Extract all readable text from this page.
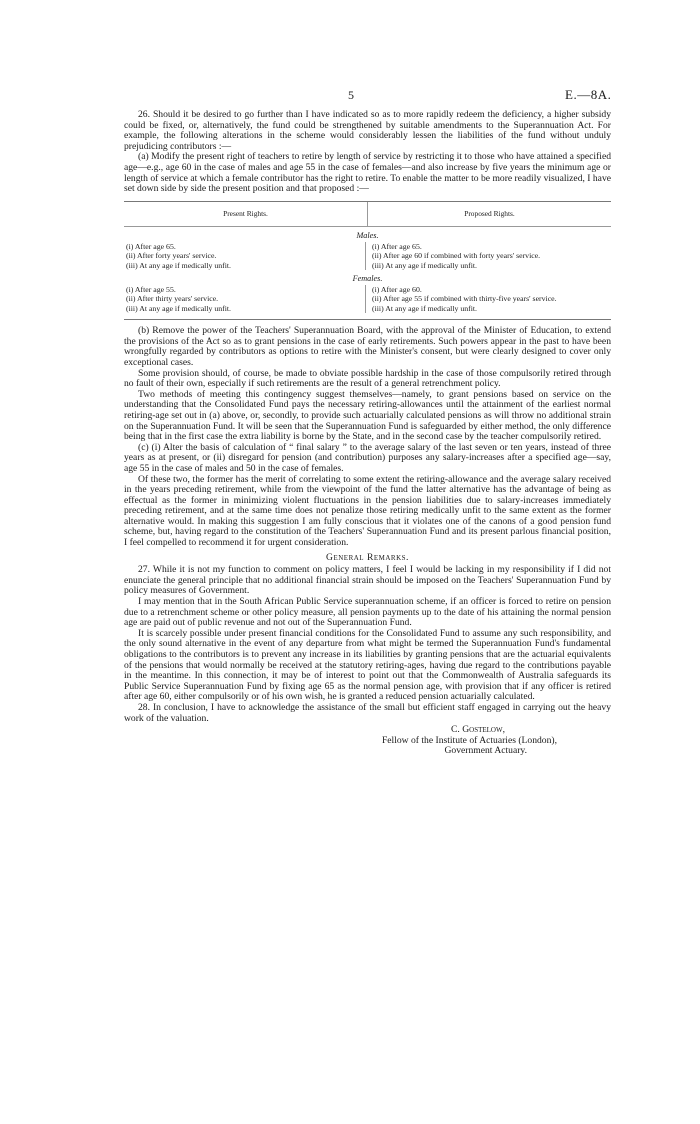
5	E.—8A.

26. Should it be desired to go further than I have indicated so as to more rapidly redeem the deficiency, a higher subsidy could be fixed, or, alternatively, the fund could be strengthened by suitable amendments to the Superannuation Act. For example, the following alterations in the scheme would considerably lessen the liabilities of the fund without unduly prejudicing contributors :—

(a) Modify the present right of teachers to retire by length of service by restricting it to those who have attained a specified age—e.g., age 60 in the case of males and age 55 in the case of females—and also increase by five years the minimum age or length of service at which a female contributor has the right to retire. To enable the matter to be more readily visualized, I have set down side by side the present position and that proposed :—

Present Rights.	Proposed Rights.
Males.
(i) After age 65.
(ii) After forty years' service.
(iii) At any age if medically unfit.
(i) After age 65.
(ii) After age 60 if combined with forty years' service.
(iii) At any age if medically unfit.
Females.
(i) After age 55.
(ii) After thirty years' service.
(iii) At any age if medically unfit.
(i) After age 60.
(ii) After age 55 if combined with thirty-five years' service.
(iii) At any age if medically unfit.

(b) Remove the power of the Teachers' Superannuation Board, with the approval of the Minister of Education, to extend the provisions of the Act so as to grant pensions in the case of early retirements. Such powers appear in the past to have been wrongfully regarded by contributors as options to retire with the Minister's consent, but were clearly designed to cover only exceptional cases.

Some provision should, of course, be made to obviate possible hardship in the case of those compulsorily retired through no fault of their own, especially if such retirements are the result of a general retrenchment policy.

Two methods of meeting this contingency suggest themselves—namely, to grant pensions based on service on the understanding that the Consolidated Fund pays the necessary retiring-allowances until the attainment of the earliest normal retiring-age set out in (a) above, or, secondly, to provide such actuarially calculated pensions as will throw no additional strain on the Superannuation Fund. It will be seen that the Superannuation Fund is safeguarded by either method, the only difference being that in the first case the extra liability is borne by the State, and in the second case by the teacher compulsorily retired.

(c) (i) Alter the basis of calculation of “ final salary ” to the average salary of the last seven or ten years, instead of three years as at present, or (ii) disregard for pension (and contribution) purposes any salary-increases after a specified age—say, age 55 in the case of males and 50 in the case of females.

Of these two, the former has the merit of correlating to some extent the retiring-allowance and the average salary received in the years preceding retirement, while from the viewpoint of the fund the latter alternative has the advantage of being as effectual as the former in minimizing violent fluctuations in the pension liabilities due to salary-increases immediately preceding retirement, and at the same time does not penalize those retiring medically unfit to the same extent as the former alternative would. In making this suggestion I am fully conscious that it violates one of the canons of a good pension fund scheme, but, having regard to the constitution of the Teachers' Superannuation Fund and its present parlous financial position, I feel compelled to recommend it for urgent consideration.

General Remarks.

27. While it is not my function to comment on policy matters, I feel I would be lacking in my responsibility if I did not enunciate the general principle that no additional financial strain should be imposed on the Teachers' Superannuation Fund by policy measures of Government.

I may mention that in the South African Public Service superannuation scheme, if an officer is forced to retire on pension due to a retrenchment scheme or other policy measure, all pension payments up to the date of his attaining the normal pension age are paid out of public revenue and not out of the Superannuation Fund.

It is scarcely possible under present financial conditions for the Consolidated Fund to assume any such responsibility, and the only sound alternative in the event of any departure from what might be termed the Superannuation Fund's fundamental obligations to the contributors is to prevent any increase in its liabilities by granting pensions that are the actuarial equivalents of the pensions that would normally be received at the statutory retiring-ages, having due regard to the contributions payable in the meantime. In this connection, it may be of interest to point out that the Commonwealth of Australia safeguards its Public Service Superannuation Fund by fixing age 65 as the normal pension age, with provision that if any officer is retired after age 60, either compulsorily or of his own wish, he is granted a reduced pension actuarially calculated.

28. In conclusion, I have to acknowledge the assistance of the small but efficient staff engaged in carrying out the heavy work of the valuation.

C. Gostelow,
Fellow of the Institute of Actuaries (London),
Government Actuary.
